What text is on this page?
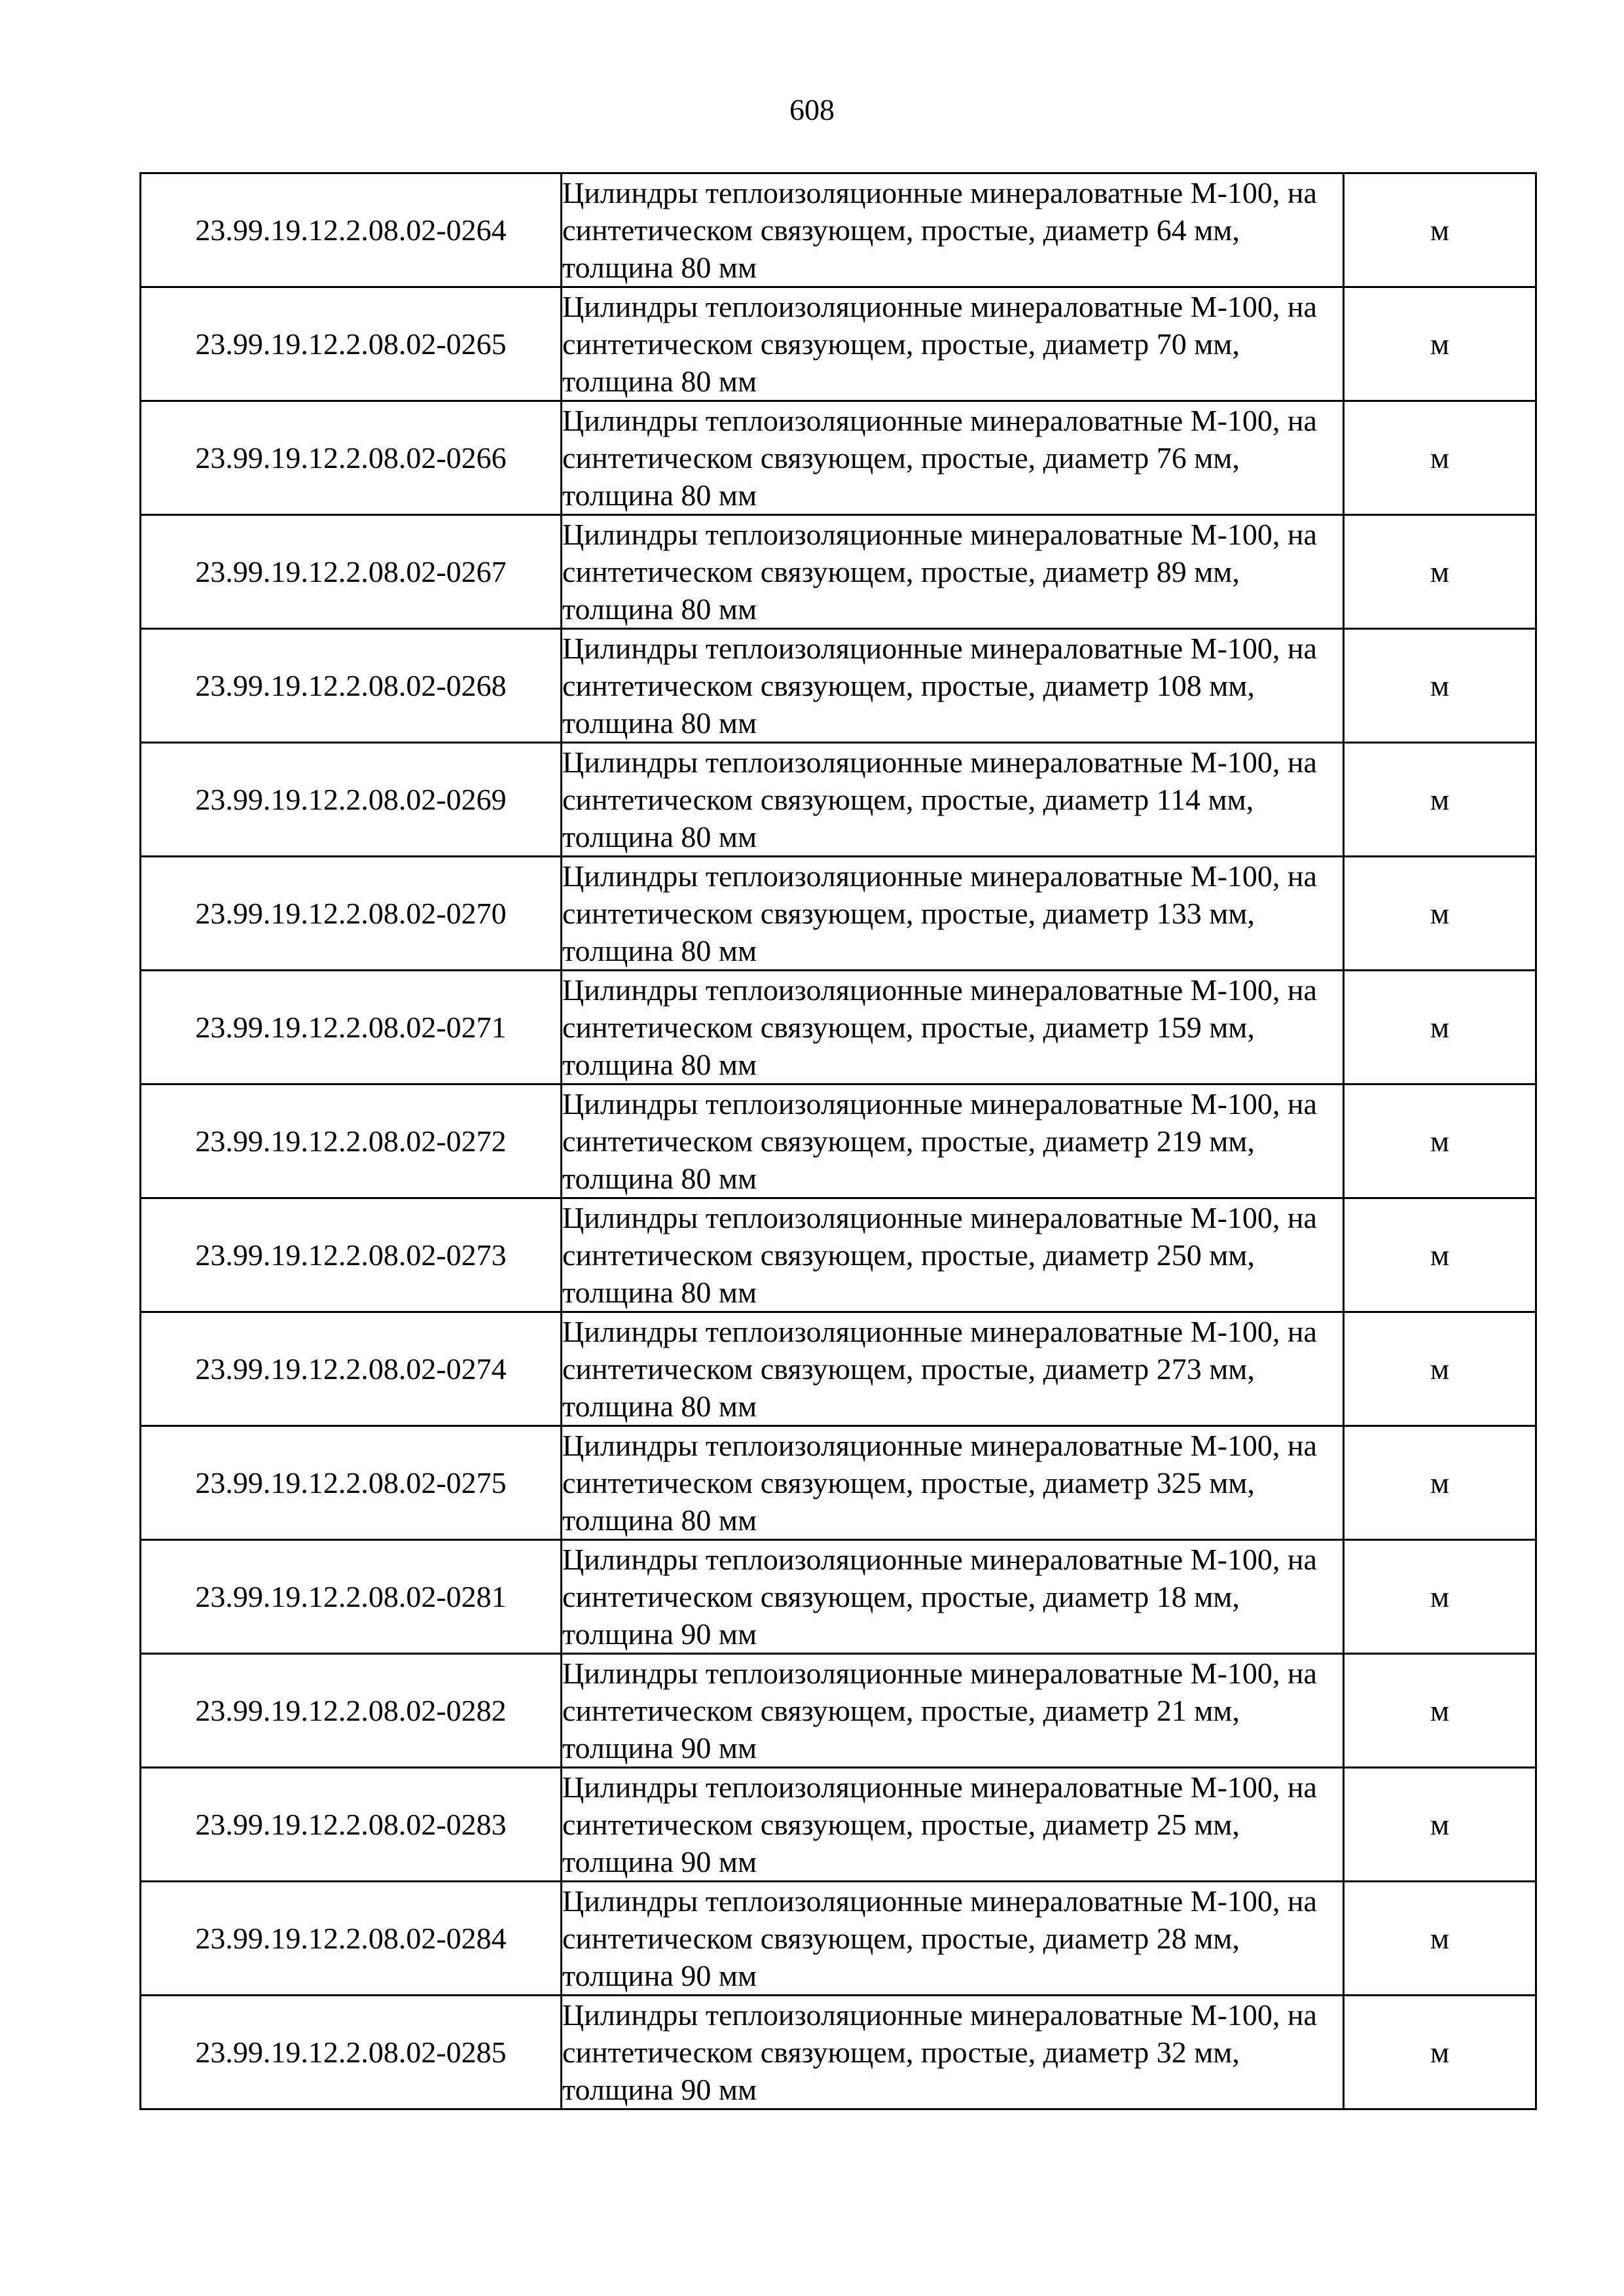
608
23.99.19.12.2.08.02-0264	Цилиндры теплоизоляционные минераловатные М-100, на синтетическом связующем, простые, диаметр 64 мм, толщина 80 мм	м
23.99.19.12.2.08.02-0265	Цилиндры теплоизоляционные минераловатные М-100, на синтетическом связующем, простые, диаметр 70 мм, толщина 80 мм	м
23.99.19.12.2.08.02-0266	Цилиндры теплоизоляционные минераловатные М-100, на синтетическом связующем, простые, диаметр 76 мм, толщина 80 мм	м
23.99.19.12.2.08.02-0267	Цилиндры теплоизоляционные минераловатные М-100, на синтетическом связующем, простые, диаметр 89 мм, толщина 80 мм	м
23.99.19.12.2.08.02-0268	Цилиндры теплоизоляционные минераловатные М-100, на синтетическом связующем, простые, диаметр 108 мм, толщина 80 мм	м
23.99.19.12.2.08.02-0269	Цилиндры теплоизоляционные минераловатные М-100, на синтетическом связующем, простые, диаметр 114 мм, толщина 80 мм	м
23.99.19.12.2.08.02-0270	Цилиндры теплоизоляционные минераловатные М-100, на синтетическом связующем, простые, диаметр 133 мм, толщина 80 мм	м
23.99.19.12.2.08.02-0271	Цилиндры теплоизоляционные минераловатные М-100, на синтетическом связующем, простые, диаметр 159 мм, толщина 80 мм	м
23.99.19.12.2.08.02-0272	Цилиндры теплоизоляционные минераловатные М-100, на синтетическом связующем, простые, диаметр 219 мм, толщина 80 мм	м
23.99.19.12.2.08.02-0273	Цилиндры теплоизоляционные минераловатные М-100, на синтетическом связующем, простые, диаметр 250 мм, толщина 80 мм	м
23.99.19.12.2.08.02-0274	Цилиндры теплоизоляционные минераловатные М-100, на синтетическом связующем, простые, диаметр 273 мм, толщина 80 мм	м
23.99.19.12.2.08.02-0275	Цилиндры теплоизоляционные минераловатные М-100, на синтетическом связующем, простые, диаметр 325 мм, толщина 80 мм	м
23.99.19.12.2.08.02-0281	Цилиндры теплоизоляционные минераловатные М-100, на синтетическом связующем, простые, диаметр 18 мм, толщина 90 мм	м
23.99.19.12.2.08.02-0282	Цилиндры теплоизоляционные минераловатные М-100, на синтетическом связующем, простые, диаметр 21 мм, толщина 90 мм	м
23.99.19.12.2.08.02-0283	Цилиндры теплоизоляционные минераловатные М-100, на синтетическом связующем, простые, диаметр 25 мм, толщина 90 мм	м
23.99.19.12.2.08.02-0284	Цилиндры теплоизоляционные минераловатные М-100, на синтетическом связующем, простые, диаметр 28 мм, толщина 90 мм	м
23.99.19.12.2.08.02-0285	Цилиндры теплоизоляционные минераловатные М-100, на синтетическом связующем, простые, диаметр 32 мм, толщина 90 мм	м
